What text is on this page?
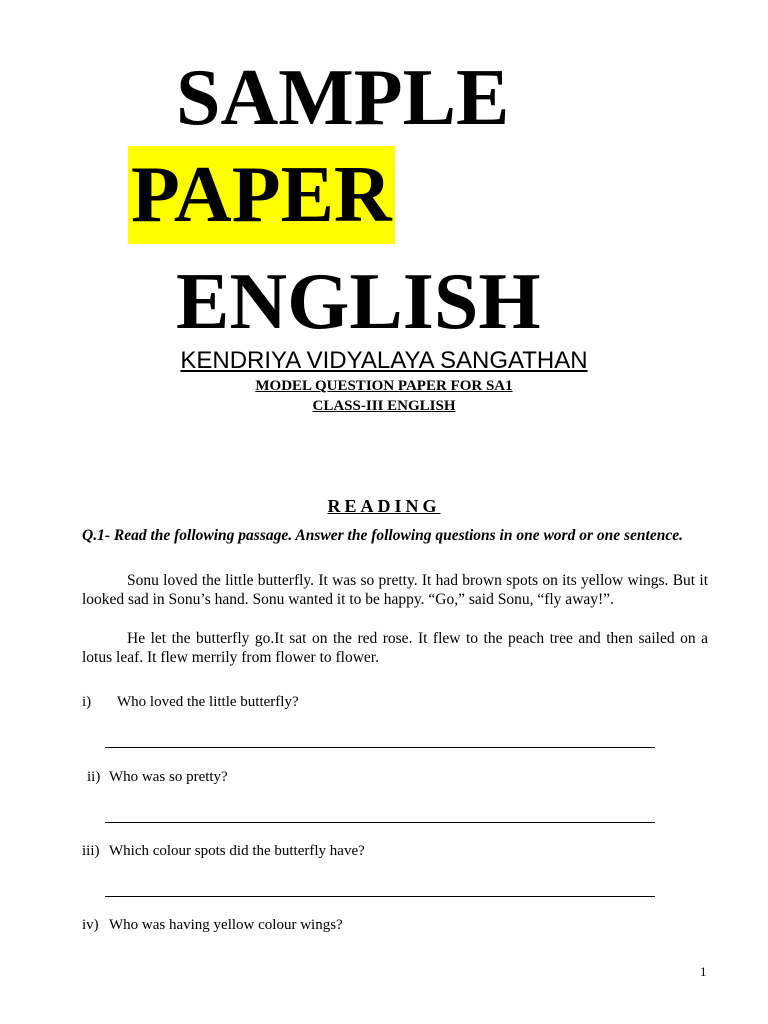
SAMPLE
PAPER
ENGLISH
KENDRIYA VIDYALAYA SANGATHAN
MODEL QUESTION PAPER FOR SA1
CLASS-III ENGLISH
READING
Q.1- Read the following passage. Answer the following questions in one word or one sentence.
Sonu loved the little butterfly. It was so pretty. It had brown spots on its yellow wings. But it looked sad in Sonu’s hand. Sonu wanted it to be happy. “Go,” said Sonu, “fly away!”.
He let the butterfly go.It sat on the red rose. It flew to the peach tree and then sailed on a lotus leaf. It flew merrily from flower to flower.
i) Who loved the little butterfly?
ii) Who was so pretty?
iii) Which colour spots did the butterfly have?
iv) Who was having yellow colour wings?
1
